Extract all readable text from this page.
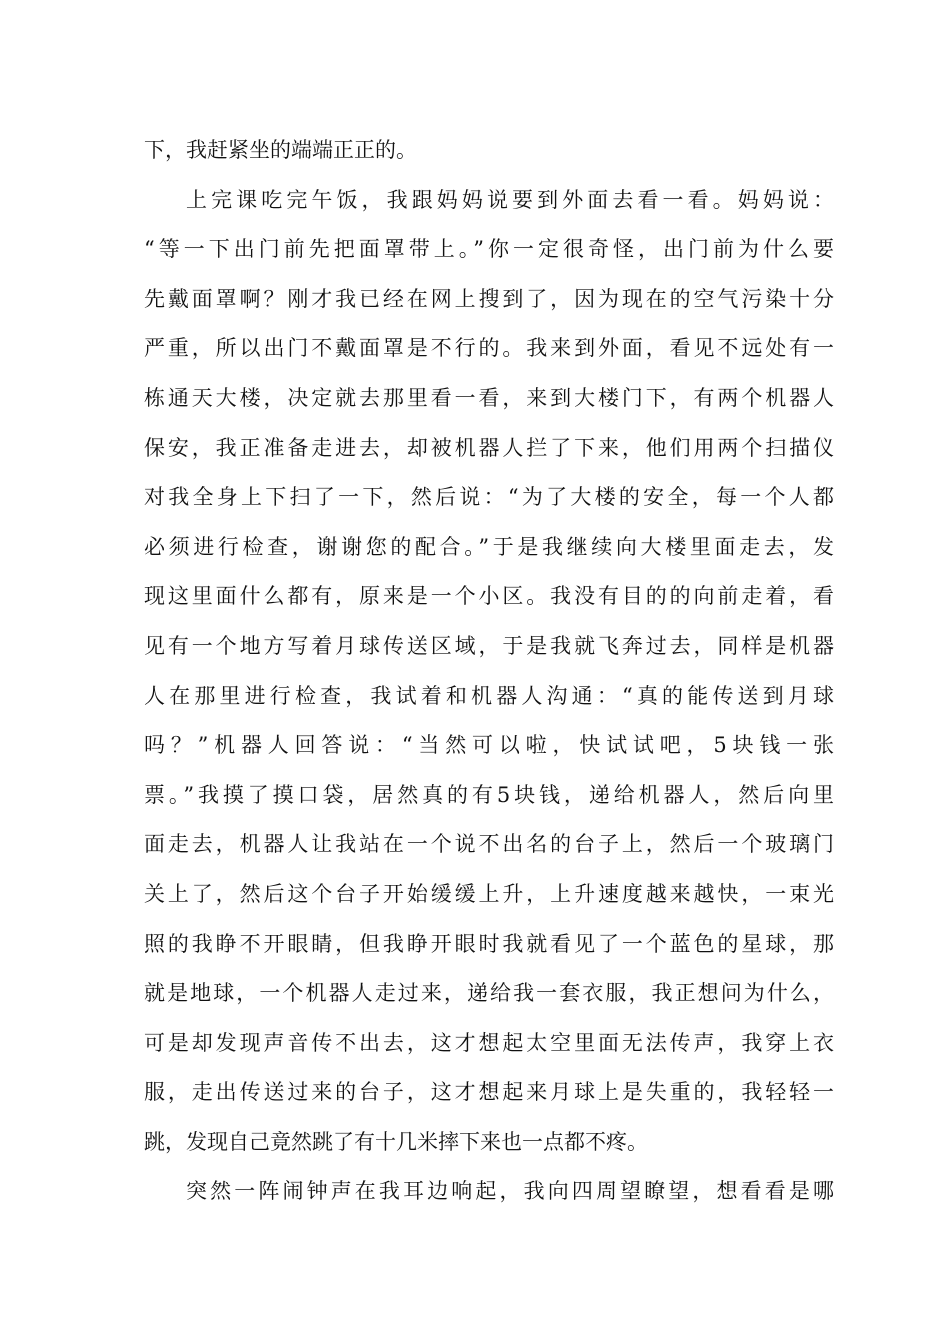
下，我赶紧坐的端端正正的。
上完课吃完午饭，我跟妈妈说要到外面去看一看。妈妈说：
“等一下出门前先把面罩带上。”你一定很奇怪，出门前为什么要
先戴面罩啊？刚才我已经在网上搜到了，因为现在的空气污染十分
严重，所以出门不戴面罩是不行的。我来到外面，看见不远处有一
栋通天大楼，决定就去那里看一看，来到大楼门下，有两个机器人
保安，我正准备走进去，却被机器人拦了下来，他们用两个扫描仪
对我全身上下扫了一下，然后说：“为了大楼的安全，每一个人都
必须进行检查，谢谢您的配合。”于是我继续向大楼里面走去，发
现这里面什么都有，原来是一个小区。我没有目的的向前走着，看
见有一个地方写着月球传送区域，于是我就飞奔过去，同样是机器
人在那里进行检查，我试着和机器人沟通：“真的能传送到月球
吗？”机器人回答说：“当然可以啦，快试试吧，5块钱一张
票。”我摸了摸口袋，居然真的有5块钱，递给机器人，然后向里
面走去，机器人让我站在一个说不出名的台子上，然后一个玻璃门
关上了，然后这个台子开始缓缓上升，上升速度越来越快，一束光
照的我睁不开眼睛，但我睁开眼时我就看见了一个蓝色的星球，那
就是地球，一个机器人走过来，递给我一套衣服，我正想问为什么，
可是却发现声音传不出去，这才想起太空里面无法传声，我穿上衣
服，走出传送过来的台子，这才想起来月球上是失重的，我轻轻一
跳，发现自己竟然跳了有十几米摔下来也一点都不疼。
突然一阵闹钟声在我耳边响起，我向四周望瞭望，想看看是哪
